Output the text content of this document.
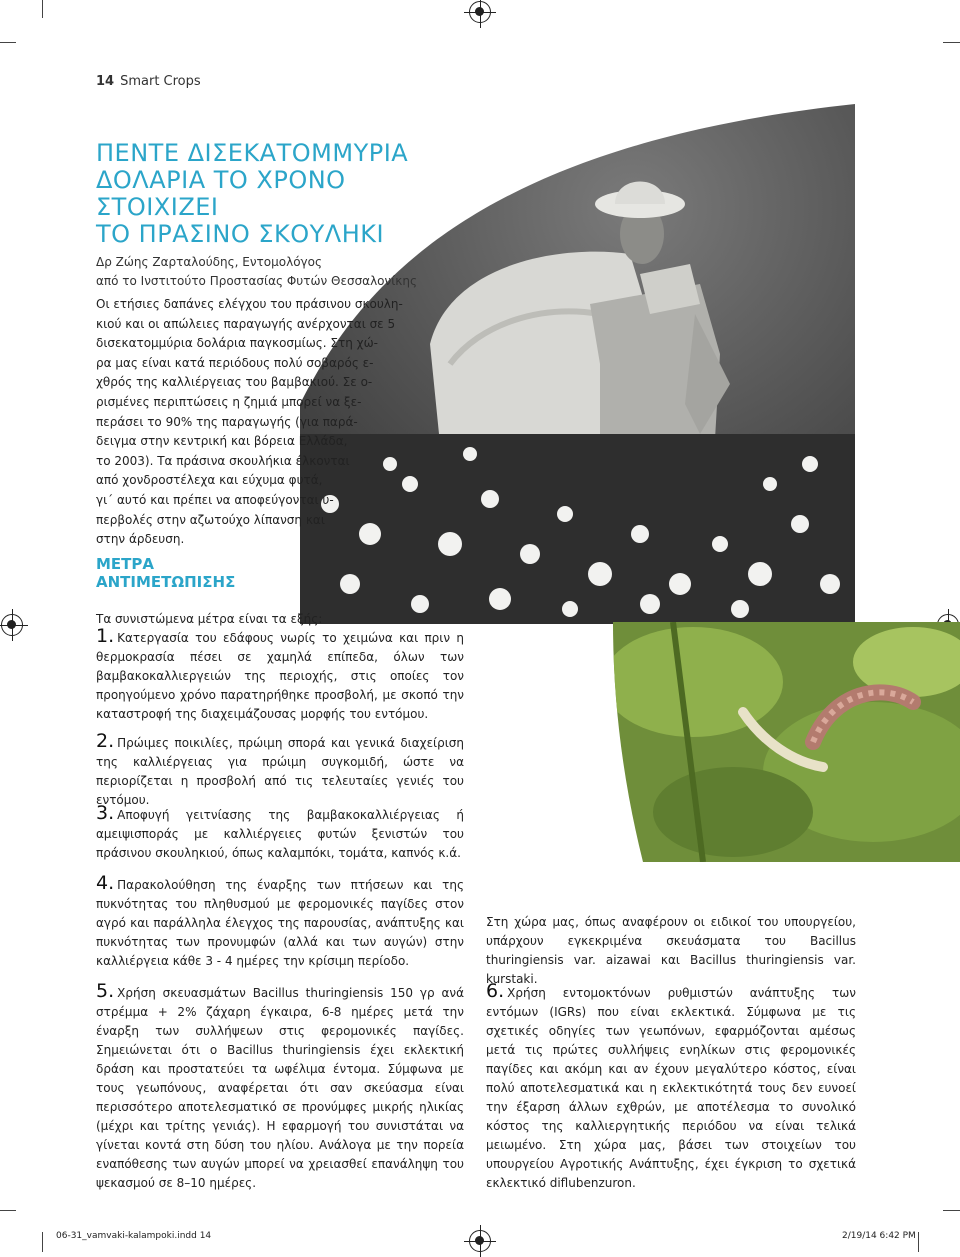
14 Smart Crops
ΠΕΝΤΕ ΔΙΣΕΚΑΤΟΜΜΥΡΙΑ
ΔΟΛΑΡΙΑ ΤΟ ΧΡΟΝΟ ΣΤΟΙΧΙΖΕΙ
ΤΟ ΠΡΑΣΙΝΟ ΣΚΟΥΛΗΚΙ
Δρ Ζώης Ζαρταλούδης, Εντομολόγος
από το Ινστιτούτο Προστασίας Φυτών Θεσσαλονίκης
Οι ετήσιες δαπάνες ελέγχου του πράσινου σκουλη-
κιού και οι απώλειες παραγωγής ανέρχονται σε 5
δισεκατομμύρια δολάρια παγκοσμίως. Στη χώ-
ρα μας είναι κατά περιόδους πολύ σοβαρός ε-
χθρός της καλλιέργειας του βαμβακιού. Σε ο-
ρισμένες περιπτώσεις η ζημιά μπορεί να ξε-
περάσει το 90% της παραγωγής (για παρά-
δειγμα στην κεντρική και βόρεια Ελλάδα,
το 2003). Τα πράσινα σκουλήκια έλκονται
από χονδροστέλεχα και εύχυμα φυτά,
γι΄ αυτό και πρέπει να αποφεύγονται υ-
περβολές στην αζωτούχο λίπανση και
στην άρδευση.
ΜΕΤΡΑ
ΑΝΤΙΜΕΤΩΠΙΣΗΣ
Τα συνιστώμενα μέτρα είναι τα εξής:
1. Κατεργασία του εδάφους νωρίς το χειμώνα και πριν η θερμοκρασία πέσει σε χαμηλά επίπεδα, όλων των βαμβακοκαλλιεργειών της περιοχής, στις οποίες τον προηγούμενο χρόνο παρατηρήθηκε προσβολή, με σκοπό την καταστροφή της διαχειμάζουσας μορφής του εντόμου.
2. Πρώιμες ποικιλίες, πρώιμη σπορά και γενικά διαχείριση της καλλιέργειας για πρώιμη συγκομιδή, ώστε να περιορίζεται η προσβολή από τις τελευταίες γενιές του εντόμου.
3. Αποφυγή γειτνίασης της βαμβακοκαλλιέργειας ή αμειψισποράς με καλλιέργειες φυτών ξενιστών του πράσινου σκουληκιού, όπως καλαμπόκι, τομάτα, καπνός κ.ά.
4. Παρακολούθηση της έναρξης των πτήσεων και της πυκνότητας του πληθυσμού με φερομονικές παγίδες στον αγρό και παράλληλα έλεγχος της παρουσίας, ανάπτυξης και πυκνότητας των προνυμφών (αλλά και των αυγών) στην καλλιέργεια κάθε 3 - 4 ημέρες την κρίσιμη περίοδο.
5. Χρήση σκευασμάτων Bacillus thuringiensis 150 γρ ανά στρέμμα + 2% ζάχαρη έγκαιρα, 6-8 ημέρες μετά την έναρξη των συλλήψεων στις φερομονικές παγίδες. Σημειώνεται ότι ο Bacillus thuringiensis έχει εκλεκτική δράση και προστατεύει τα ωφέλιμα έντομα. Σύμφωνα με τους γεωπόνους, αναφέρεται ότι σαν σκεύασμα είναι περισσότερο αποτελεσματικό σε προνύμφες μικρής ηλικίας (μέχρι και τρίτης γενιάς). Η εφαρμογή του συνιστάται να γίνεται κοντά στη δύση του ηλίου. Ανάλογα με την πορεία εναπόθεσης των αυγών μπορεί να χρειασθεί επανάληψη του ψεκασμού σε 8–10 ημέρες.
Στη χώρα μας, όπως αναφέρουν οι ειδικοί του υπουργείου, υπάρχουν εγκεκριμένα σκευάσματα του Bacillus thuringiensis var. aizawai και Bacillus thuringiensis var. kurstaki.
6. Χρήση εντομοκτόνων ρυθμιστών ανάπτυξης των εντόμων (IGRs) που είναι εκλεκτικά. Σύμφωνα με τις σχετικές οδηγίες των γεωπόνων, εφαρμόζονται αμέσως μετά τις πρώτες συλλήψεις ενηλίκων στις φερομονικές παγίδες και ακόμη και αν έχουν μεγαλύτερο κόστος, είναι πολύ αποτελεσματικά και η εκλεκτικότητά τους δεν ευνοεί την έξαρση άλλων εχθρών, με αποτέλεσμα το συνολικό κόστος της καλλιεργητικής περιόδου να είναι τελικά μειωμένο. Στη χώρα μας, βάσει των στοιχείων του υπουργείου Αγροτικής Ανάπτυξης, έχει έγκριση το σχετικά εκλεκτικό diflubenzuron.
06-31_vamvaki-kalampoki.indd 14	2/19/14 6:42 PM
